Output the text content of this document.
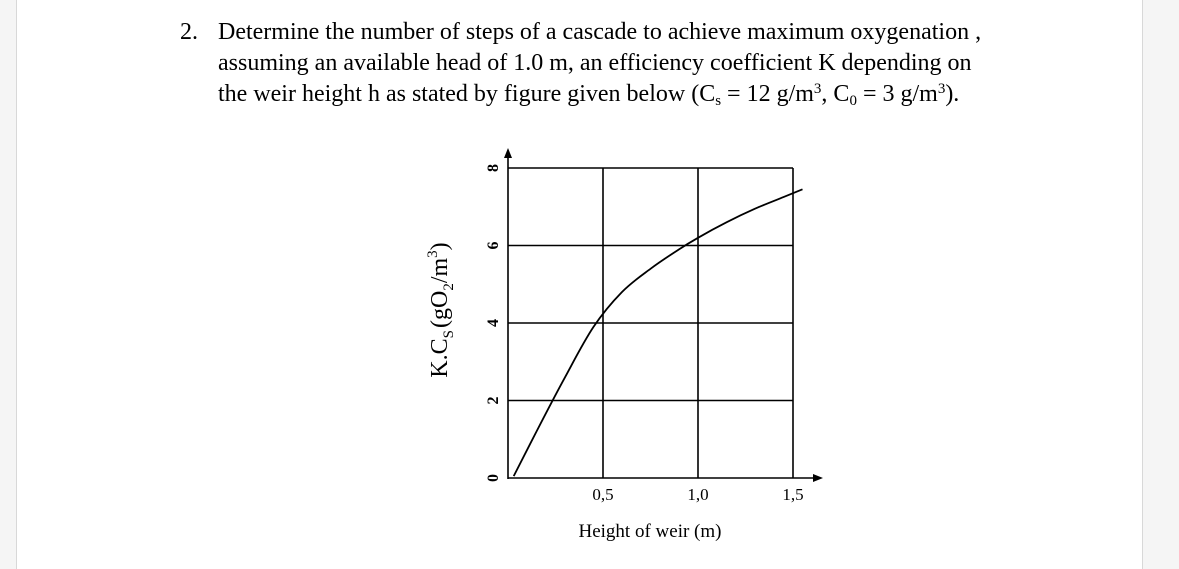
2. Determine the number of steps of a cascade to achieve maximum oxygenation ,
assuming an available head of 1.0 m, an efficiency coefficient K depending on
the weir height h as stated by figure given below ($C_s = 12$ $g/m^3$, $C_0 = 3$ $g/m^3$).
0
2
4
6
8
0,5	1,0	1,5
$K.C_S(gO_2/m^3)$
Height of weir (m)
